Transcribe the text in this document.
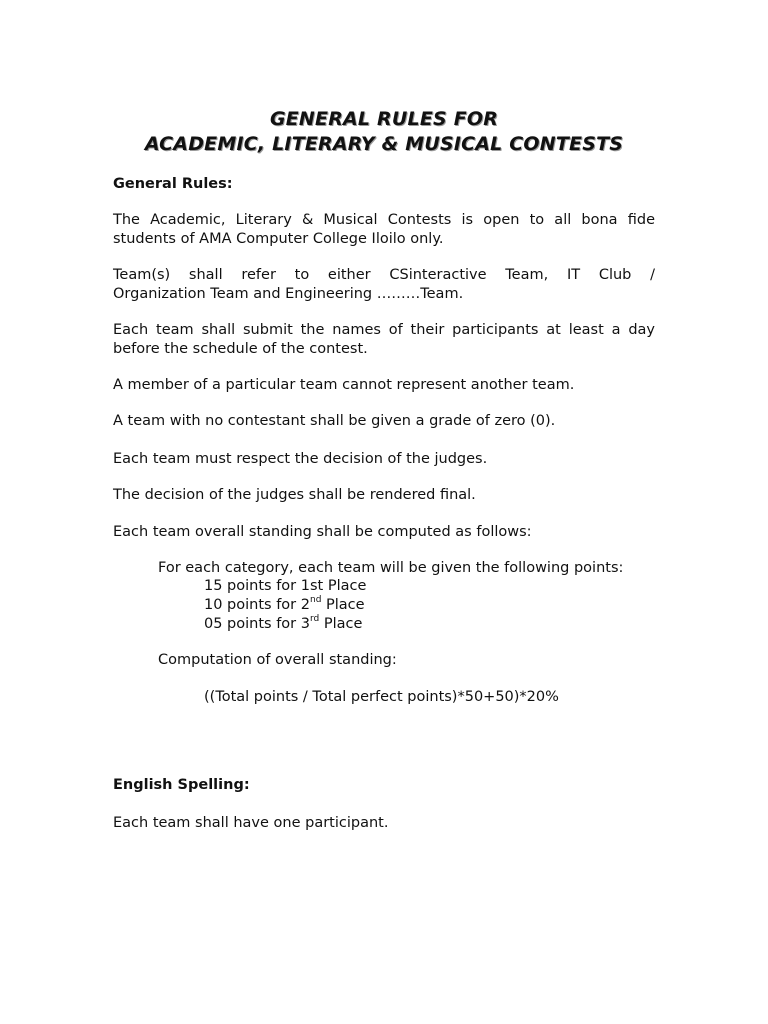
GENERAL RULES FOR
ACADEMIC, LITERARY & MUSICAL CONTESTS
General Rules:
The Academic, Literary & Musical Contests is open to all bona fide
students of AMA Computer College Iloilo only.
Team(s) shall refer to either CSinteractive Team, IT Club /
Organization Team and Engineering ………Team.
Each team shall submit the names of their participants at least a day
before the schedule of the contest.
A member of a particular team cannot represent another team.
A team with no contestant shall be given a grade of zero (0).
Each team must respect the decision of the judges.
The decision of the judges shall be rendered final.
Each team overall standing shall be computed as follows:
For each category, each team will be given the following points:
15 points for 1st Place
10 points for 2nd Place
05 points for 3rd Place
Computation of overall standing:
((Total points / Total perfect points)*50+50)*20%
English Spelling:
Each team shall have one participant.
